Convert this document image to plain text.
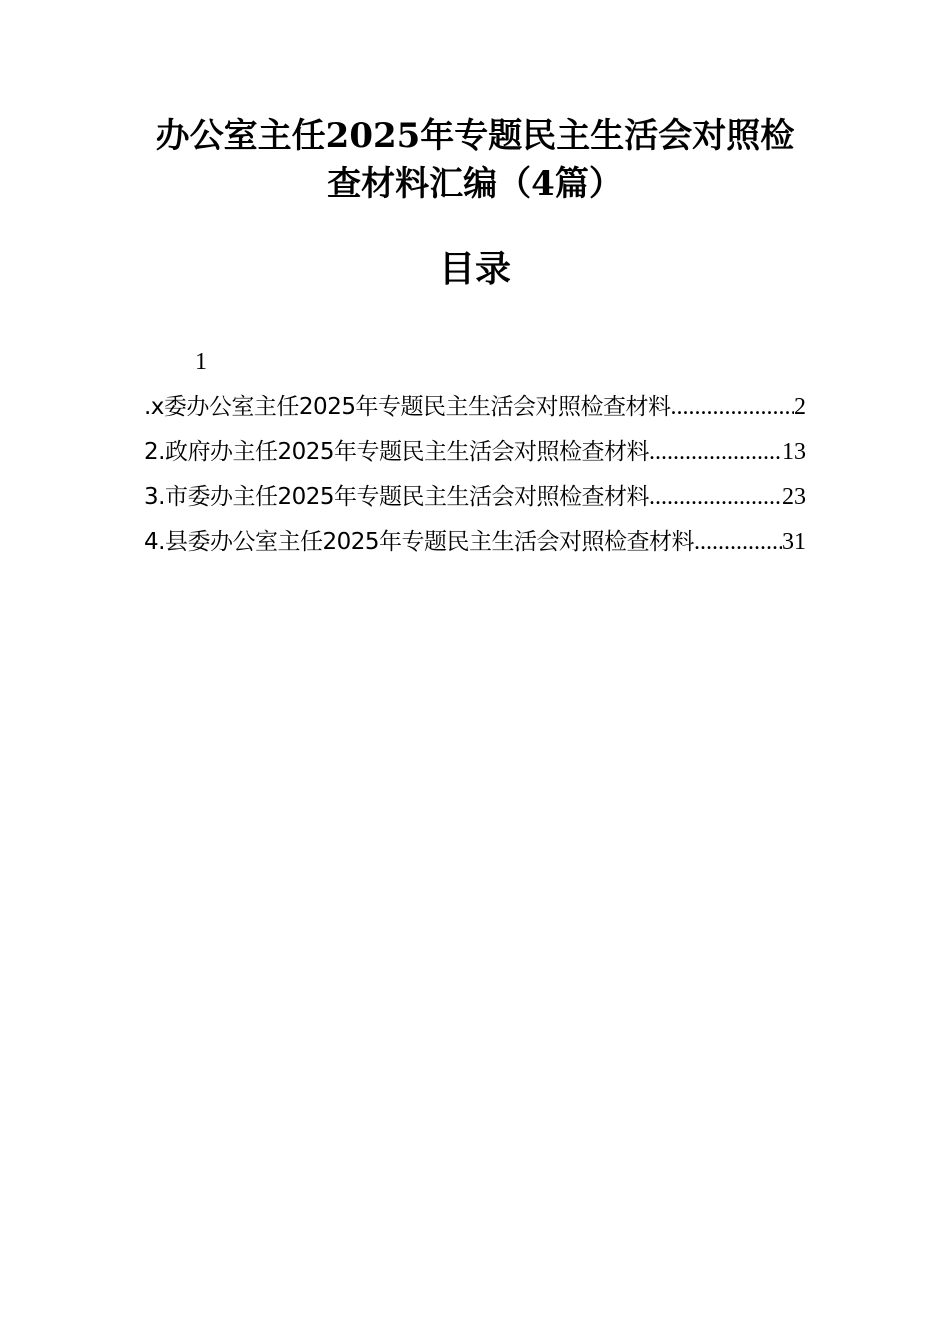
办公室主任2025年专题民主生活会对照检查材料汇编（4篇）
目录
1
.x委办公室主任2025年专题民主生活会对照检查材料 .....	2
2.政府办主任2025年专题民主生活会对照检查材料 .....	13
3.市委办主任2025年专题民主生活会对照检查材料 .....	23
4.县委办公室主任2025年专题民主生活会对照检查材料 .....	31
